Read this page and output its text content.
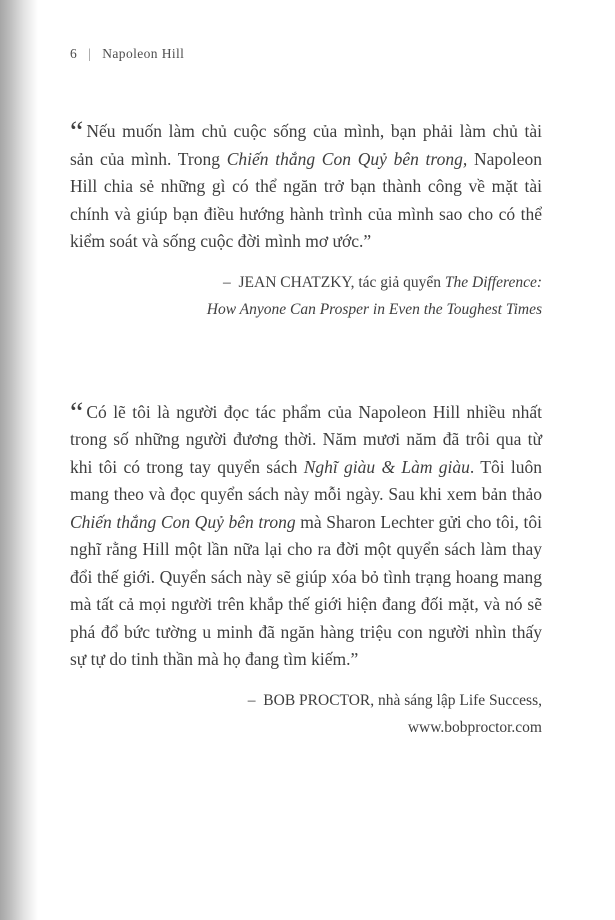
6 | Napoleon Hill

“ Nếu muốn làm chủ cuộc sống của mình, bạn phải làm chủ tài sản của mình. Trong Chiến thắng Con Quỷ bên trong, Napoleon Hill chia sẻ những gì có thể ngăn trở bạn thành công về mặt tài chính và giúp bạn điều hướng hành trình của mình sao cho có thể kiểm soát và sống cuộc đời mình mơ ước.”

–  JEAN CHATZKY, tác giả quyển The Difference:
How Anyone Can Prosper in Even the Toughest Times

“ Có lẽ tôi là người đọc tác phẩm của Napoleon Hill nhiều nhất trong số những người đương thời. Năm mươi năm đã trôi qua từ khi tôi có trong tay quyển sách Nghĩ giàu & Làm giàu. Tôi luôn mang theo và đọc quyển sách này mỗi ngày. Sau khi xem bản thảo Chiến thắng Con Quỷ bên trong mà Sharon Lechter gửi cho tôi, tôi nghĩ rằng Hill một lần nữa lại cho ra đời một quyển sách làm thay đổi thế giới. Quyển sách này sẽ giúp xóa bỏ tình trạng hoang mang mà tất cả mọi người trên khắp thế giới hiện đang đối mặt, và nó sẽ phá đổ bức tường u minh đã ngăn hàng triệu con người nhìn thấy sự tự do tinh thần mà họ đang tìm kiếm.”

–  BOB PROCTOR, nhà sáng lập Life Success,
www.bobproctor.com
